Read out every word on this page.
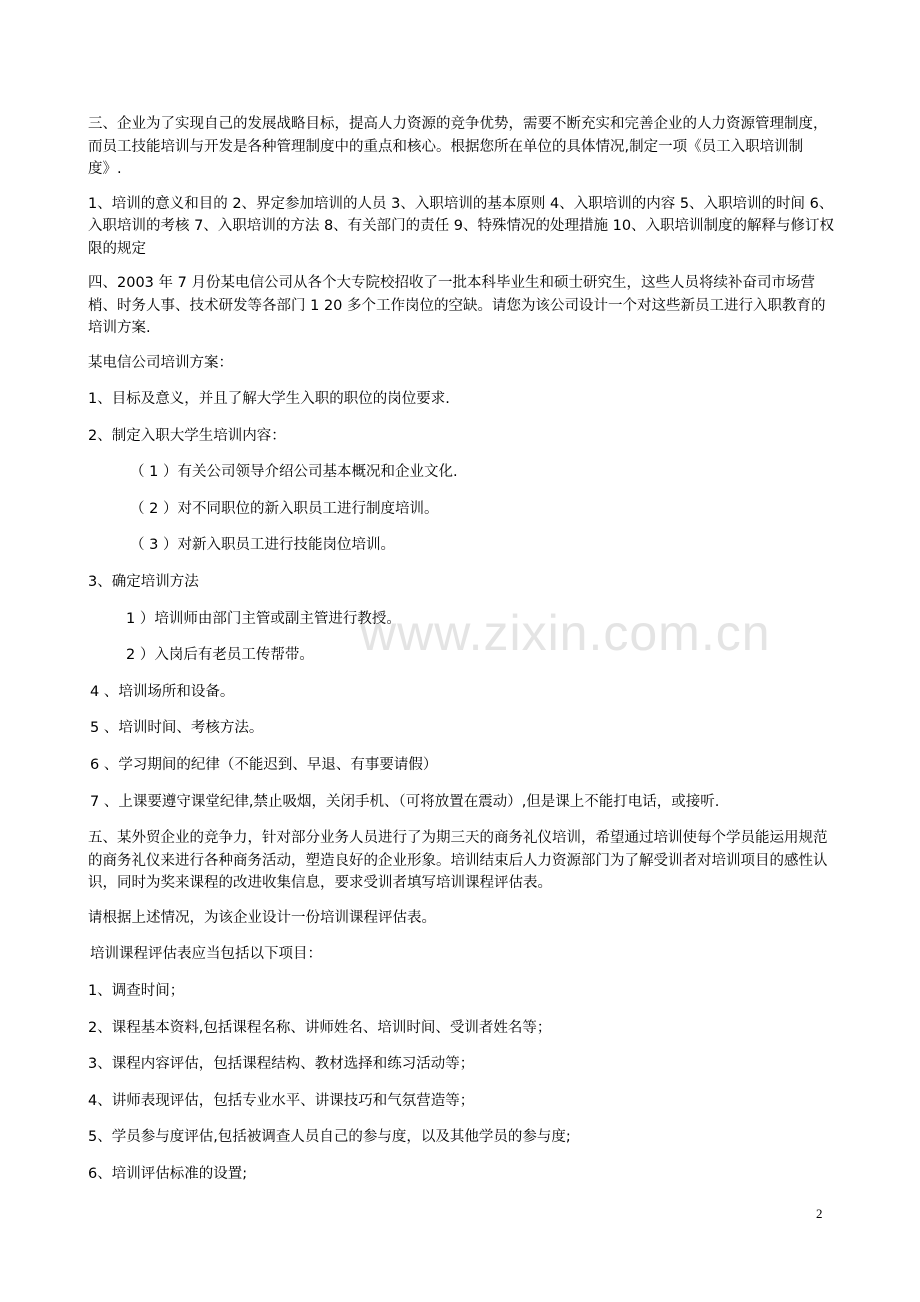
www.zixin.com.cn

三、企业为了实现自己的发展战略目标，提高人力资源的竞争优势，需要不断充实和完善企业的人力资源管理制度，而员工技能培训与开发是各种管理制度中的重点和核心。根据您所在单位的具体情况,制定一项《员工入职培训制度》.

1、培训的意义和目的 2、界定参加培训的人员 3、入职培训的基本原则 4、入职培训的内容 5、入职培训的时间 6、入职培训的考核 7、入职培训的方法 8、有关部门的责任 9、特殊情况的处理措施 10、入职培训制度的解释与修订权限的规定

四、2003 年 7 月份某电信公司从各个大专院校招收了一批本科毕业生和硕士研究生，这些人员将续补奋司市场营梢、时务人事、技术研发等各部门 1 20 多个工作岗位的空缺。请您为该公司设计一个对这些新员工进行入职教育的培训方案.

某电信公司培训方案：

1、目标及意义，并且了解大学生入职的职位的岗位要求.

2、制定入职大学生培训内容：

（ 1 ）有关公司领导介绍公司基本概况和企业文化.

（ 2 ）对不同职位的新入职员工进行制度培训。

（ 3 ）对新入职员工进行技能岗位培训。

3、确定培训方法

1 ）培训师由部门主管或副主管进行教授。

2 ）入岗后有老员工传帮带。

4 、培训场所和设备。

5 、培训时间、考核方法。

6 、学习期间的纪律（不能迟到、早退、有事要请假）

7 、上课要遵守课堂纪律,禁止吸烟，关闭手机、（可将放置在震动）,但是课上不能打电话，或接听.

五、某外贸企业的竞争力，针对部分业务人员进行了为期三天的商务礼仪培训，希望通过培训使每个学员能运用规范的商务礼仪来进行各种商务活动，塑造良好的企业形象。培训结束后人力资源部门为了解受训者对培训项目的感性认识，同时为奖来课程的改进收集信息，要求受训者填写培训课程评估表。

请根据上述情况，为该企业设计一份培训课程评估表。

培训课程评估表应当包括以下项目：

1、调查时间；

2、课程基本资料,包括课程名称、讲师姓名、培训时间、受训者姓名等；

3、课程内容评估，包括课程结构、教材选择和练习活动等；

4、讲师表现评估，包括专业水平、讲课技巧和气氛营造等；

5、学员参与度评估,包括被调查人员自己的参与度，以及其他学员的参与度;

6、培训评估标准的设置;

2
